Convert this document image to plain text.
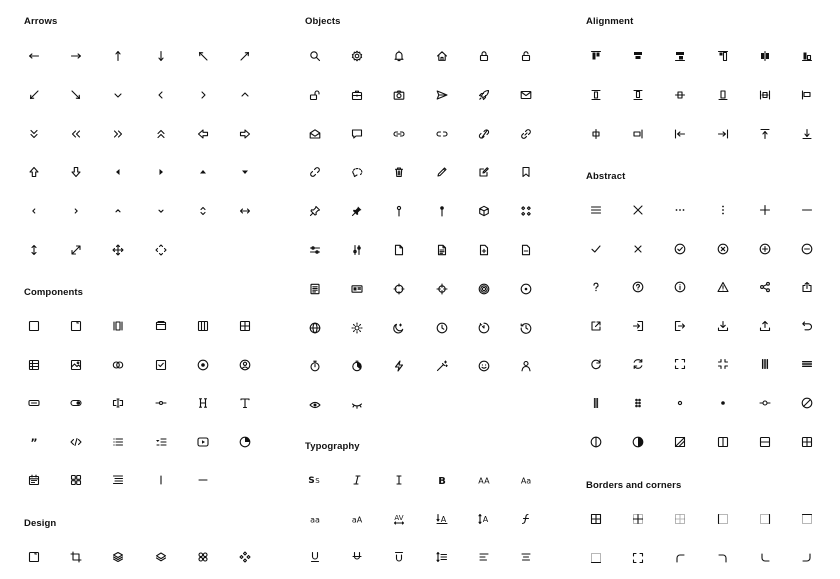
Arrows	Objects	Alignment
Components
Abstract
Typography
Design
Borders and corners
”
S S	B	AA	Aa
aa	aA	AV	A	A
